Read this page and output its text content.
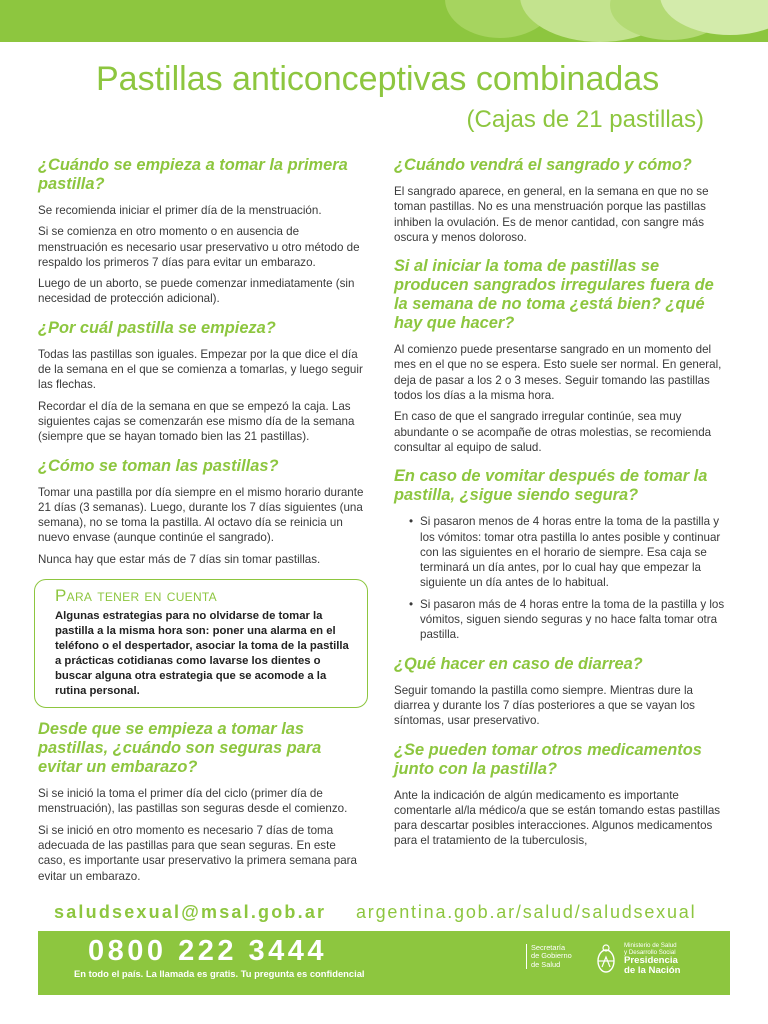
Pastillas anticonceptivas combinadas
(Cajas de 21 pastillas)
¿Cuándo se empieza a tomar la primera pastilla?

Se recomienda iniciar el primer día de la menstruación.

Si se comienza en otro momento o en ausencia de menstruación es necesario usar preservativo u otro método de respaldo los primeros 7 días para evitar un embarazo.

Luego de un aborto, se puede comenzar inmediatamente (sin necesidad de protección adicional).

¿Por cuál pastilla se empieza?

Todas las pastillas son iguales. Empezar por la que dice el día de la semana en el que se comienza a tomarlas, y luego seguir las flechas.

Recordar el día de la semana en que se empezó la caja. Las siguientes cajas se comenzarán ese mismo día de la semana (siempre que se hayan tomado bien las 21 pastillas).

¿Cómo se toman las pastillas?

Tomar una pastilla por día siempre en el mismo horario durante 21 días (3 semanas). Luego, durante los 7 días siguientes (una semana), no se toma la pastilla. Al octavo día se reinicia un nuevo envase (aunque continúe el sangrado).

Nunca hay que estar más de 7 días sin tomar pastillas.

Para tener en cuenta
Algunas estrategias para no olvidarse de tomar la pastilla a la misma hora son: poner una alarma en el teléfono o el despertador, asociar la toma de la pastilla a prácticas cotidianas como lavarse los dientes o buscar alguna otra estrategia que se acomode a la rutina personal.
Desde que se empieza a tomar las pastillas, ¿cuándo son seguras para evitar un embarazo?

Si se inició la toma el primer día del ciclo (primer día de menstruación), las pastillas son seguras desde el comienzo.

Si se inició en otro momento es necesario 7 días de toma adecuada de las pastillas para que sean seguras. En este caso, es importante usar preservativo la primera semana para evitar un embarazo.

¿Cuándo vendrá el sangrado y cómo?

El sangrado aparece, en general, en la semana en que no se toman pastillas. No es una menstruación porque las pastillas inhiben la ovulación. Es de menor cantidad, con sangre más oscura y menos doloroso.

Si al iniciar la toma de pastillas se producen sangrados irregulares fuera de la semana de no toma ¿está bien? ¿qué hay que hacer?

Al comienzo puede presentarse sangrado en un momento del mes en el que no se espera. Esto suele ser normal. En general, deja de pasar a los 2 o 3 meses. Seguir tomando las pastillas todos los días a la misma hora.

En caso de que el sangrado irregular continúe, sea muy abundante o se acompañe de otras molestias, se recomienda consultar al equipo de salud.

En caso de vomitar después de tomar la pastilla, ¿sigue siendo segura?
• Si pasaron menos de 4 horas entre la toma de la pastilla y los vómitos: tomar otra pastilla lo antes posible y continuar con las siguientes en el horario de siempre. Esa caja se terminará un día antes, por lo cual hay que empezar la siguiente un día antes de lo habitual.
• Si pasaron más de 4 horas entre la toma de la pastilla y los vómitos, siguen siendo seguras y no hace falta tomar otra pastilla.
¿Qué hacer en caso de diarrea?

Seguir tomando la pastilla como siempre. Mientras dure la diarrea y durante los 7 días posteriores a que se vayan los síntomas, usar preservativo.

¿Se pueden tomar otros medicamentos junto con la pastilla?

Ante la indicación de algún medicamento es importante comentarle al/la médico/a que se están tomando estas pastillas para descartar posibles interacciones. Algunos medicamentos para el tratamiento de la tuberculosis,

saludsexual@msal.gob.ar argentina.gob.ar/salud/saludsexual
0800 222 3444
En todo el país. La llamada es gratis. Tu pregunta es confidencial
Secretaría
de Gobierno
de Salud
Ministerio de Salud
y Desarrollo Social
Presidencia
de la Nación
